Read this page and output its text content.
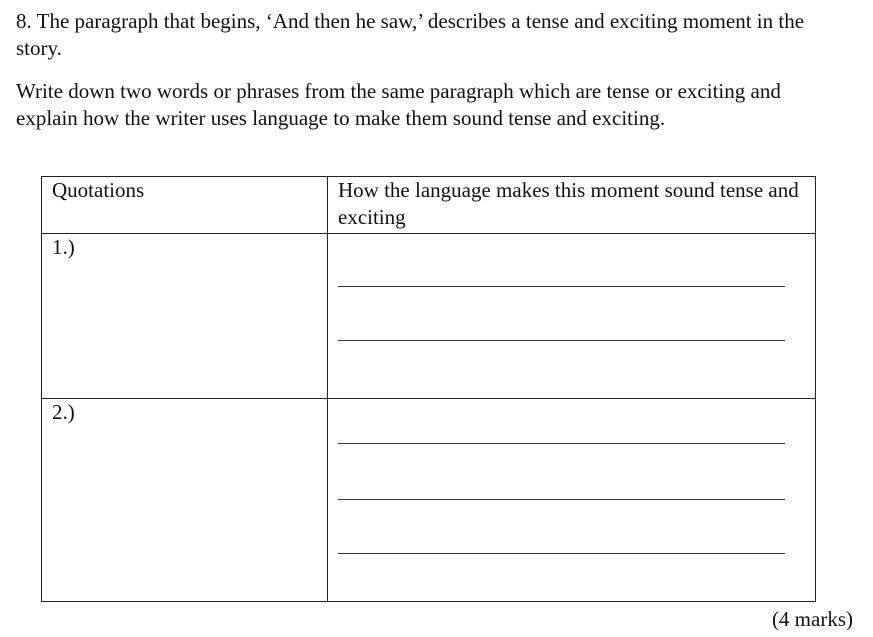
8. The paragraph that begins, ‘And then he saw,’ describes a tense and exciting moment in the story.

Write down two words or phrases from the same paragraph which are tense or exciting and explain how the writer uses language to make them sound tense and exciting.

Quotations	How the language makes this moment sound tense and exciting
1.)	

2.)	

(4 marks)
